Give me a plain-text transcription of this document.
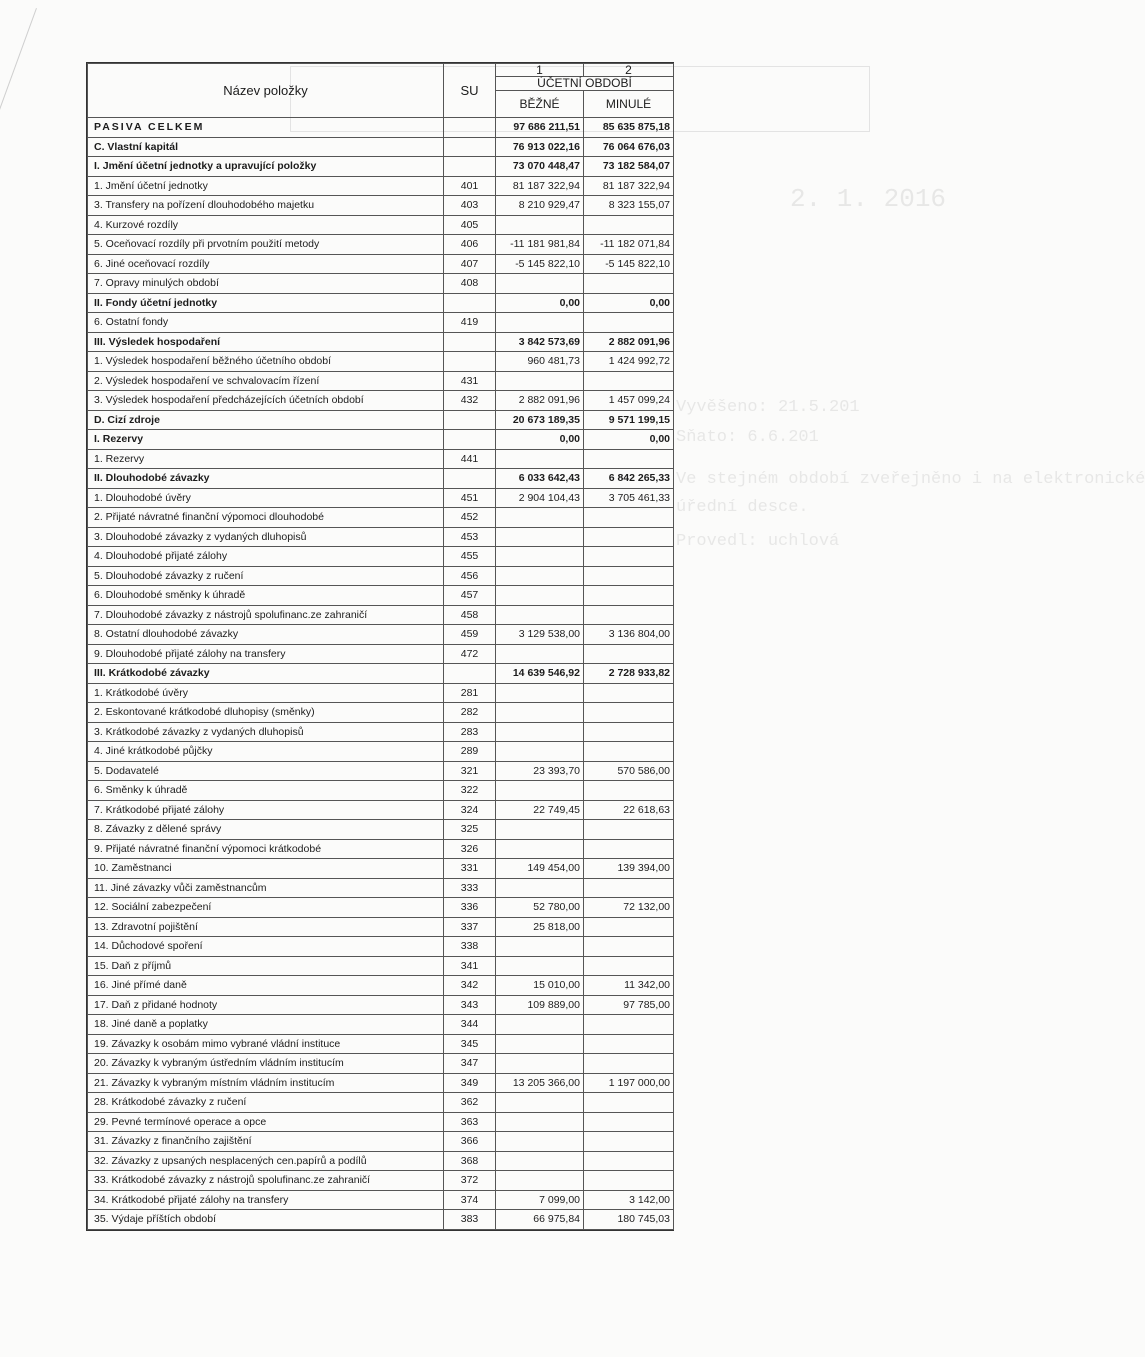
2. 1. 2016
Vyvěšeno: 21.5.201
Sňato: 6.6.201
Ve stejném období zveřejněno i na elektronické
úřední desce.
Provedl: uchlová
Název položky	SU	1	2
		ÚČETNÍ OBDOBÍ	
		BĚŽNÉ	MINULÉ
PASIVA CELKEM		97 686 211,51	85 635 875,18
C. Vlastní kapitál		76 913 022,16	76 064 676,03
I. Jmění účetní jednotky a upravující položky		73 070 448,47	73 182 584,07
1. Jmění účetní jednotky	401	81 187 322,94	81 187 322,94
3. Transfery na pořízení dlouhodobého majetku	403	8 210 929,47	8 323 155,07
4. Kurzové rozdíly	405		
5. Oceňovací rozdíly při prvotním použití metody	406	-11 181 981,84	-11 182 071,84
6. Jiné oceňovací rozdíly	407	-5 145 822,10	-5 145 822,10
7. Opravy minulých období	408		
II. Fondy účetní jednotky		0,00	0,00
6. Ostatní fondy	419		
III. Výsledek hospodaření		3 842 573,69	2 882 091,96
1. Výsledek hospodaření běžného účetního období		960 481,73	1 424 992,72
2. Výsledek hospodaření ve schvalovacím řízení	431		
3. Výsledek hospodaření předcházejících účetních období	432	2 882 091,96	1 457 099,24
D. Cizí zdroje		20 673 189,35	9 571 199,15
I. Rezervy		0,00	0,00
1. Rezervy	441		
II. Dlouhodobé závazky		6 033 642,43	6 842 265,33
1. Dlouhodobé úvěry	451	2 904 104,43	3 705 461,33
2. Přijaté návratné finanční výpomoci dlouhodobé	452		
3. Dlouhodobé závazky z vydaných dluhopisů	453		
4. Dlouhodobé přijaté zálohy	455		
5. Dlouhodobé závazky z ručení	456		
6. Dlouhodobé směnky k úhradě	457		
7. Dlouhodobé závazky z nástrojů spolufinanc.ze zahraničí	458		
8. Ostatní dlouhodobé závazky	459	3 129 538,00	3 136 804,00
9. Dlouhodobé přijaté zálohy na transfery	472		
III. Krátkodobé závazky		14 639 546,92	2 728 933,82
1. Krátkodobé úvěry	281		
2. Eskontované krátkodobé dluhopisy (směnky)	282		
3. Krátkodobé závazky z vydaných dluhopisů	283		
4. Jiné krátkodobé půjčky	289		
5. Dodavatelé	321	23 393,70	570 586,00
6. Směnky k úhradě	322		
7. Krátkodobé přijaté zálohy	324	22 749,45	22 618,63
8. Závazky z dělené správy	325		
9. Přijaté návratné finanční výpomoci krátkodobé	326		
10. Zaměstnanci	331	149 454,00	139 394,00
11. Jiné závazky vůči zaměstnancům	333		
12. Sociální zabezpečení	336	52 780,00	72 132,00
13. Zdravotní pojištění	337	25 818,00	
14. Důchodové spoření	338		
15. Daň z příjmů	341		
16. Jiné přímé daně	342	15 010,00	11 342,00
17. Daň z přidané hodnoty	343	109 889,00	97 785,00
18. Jiné daně a poplatky	344		
19. Závazky k osobám mimo vybrané vládní instituce	345		
20. Závazky k vybraným ústředním vládním institucím	347		
21. Závazky k vybraným místním vládním institucím	349	13 205 366,00	1 197 000,00
28. Krátkodobé závazky z ručení	362		
29. Pevné termínové operace a opce	363		
31. Závazky z finančního zajištění	366		
32. Závazky z upsaných nesplacených cen.papírů a podílů	368		
33. Krátkodobé závazky z nástrojů spolufinanc.ze zahraničí	372		
34. Krátkodobé přijaté zálohy na transfery	374	7 099,00	3 142,00
35. Výdaje příštích období	383	66 975,84	180 745,03
